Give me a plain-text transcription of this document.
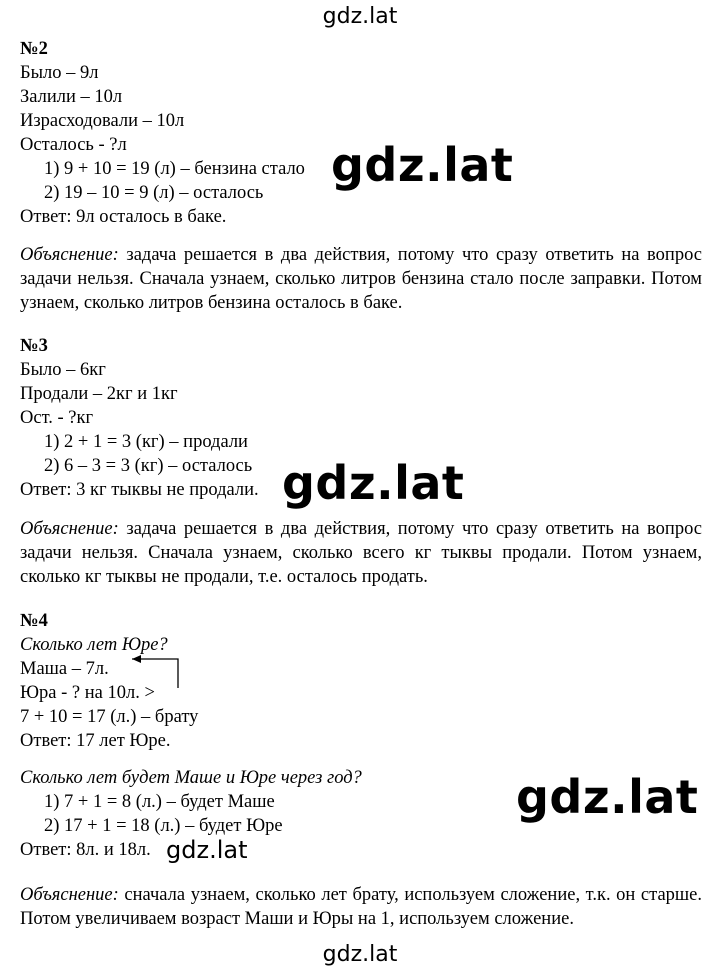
gdz.lat
gdz.lat
gdz.lat
gdz.lat
gdz.lat
gdz.lat
№2
Было – 9л
Залили – 10л
Израсходовали – 10л
Осталось - ?л
1) 9 + 10 = 19 (л) – бензина стало
2) 19 – 10 = 9 (л) – осталось
Ответ: 9л осталось в баке.
Объяснение: задача решается в два действия, потому что сразу ответить на вопрос задачи нельзя. Сначала узнаем, сколько литров бензина стало после заправки. Потом узнаем, сколько литров бензина осталось в баке.
№3
Было – 6кг
Продали – 2кг и 1кг
Ост. - ?кг
1) 2 + 1 = 3 (кг) – продали
2) 6 – 3 = 3 (кг) – осталось
Ответ: 3 кг тыквы не продали.
Объяснение: задача решается в два действия, потому что сразу ответить на вопрос задачи нельзя. Сначала узнаем, сколько всего кг тыквы продали. Потом узнаем, сколько кг тыквы не продали, т.е. осталось продать.
№4
Сколько лет Юре?
Маша – 7л.
Юра - ? на 10л. >
7 + 10 = 17 (л.) – брату
Ответ: 17 лет Юре.
Сколько лет будет Маше и Юре через год?
1) 7 + 1 = 8 (л.) – будет Маше
2) 17 + 1 = 18 (л.) – будет Юре
Ответ: 8л. и 18л.
Объяснение: сначала узнаем, сколько лет брату, используем сложение, т.к. он старше. Потом увеличиваем возраст Маши и Юры на 1, используем сложение.
